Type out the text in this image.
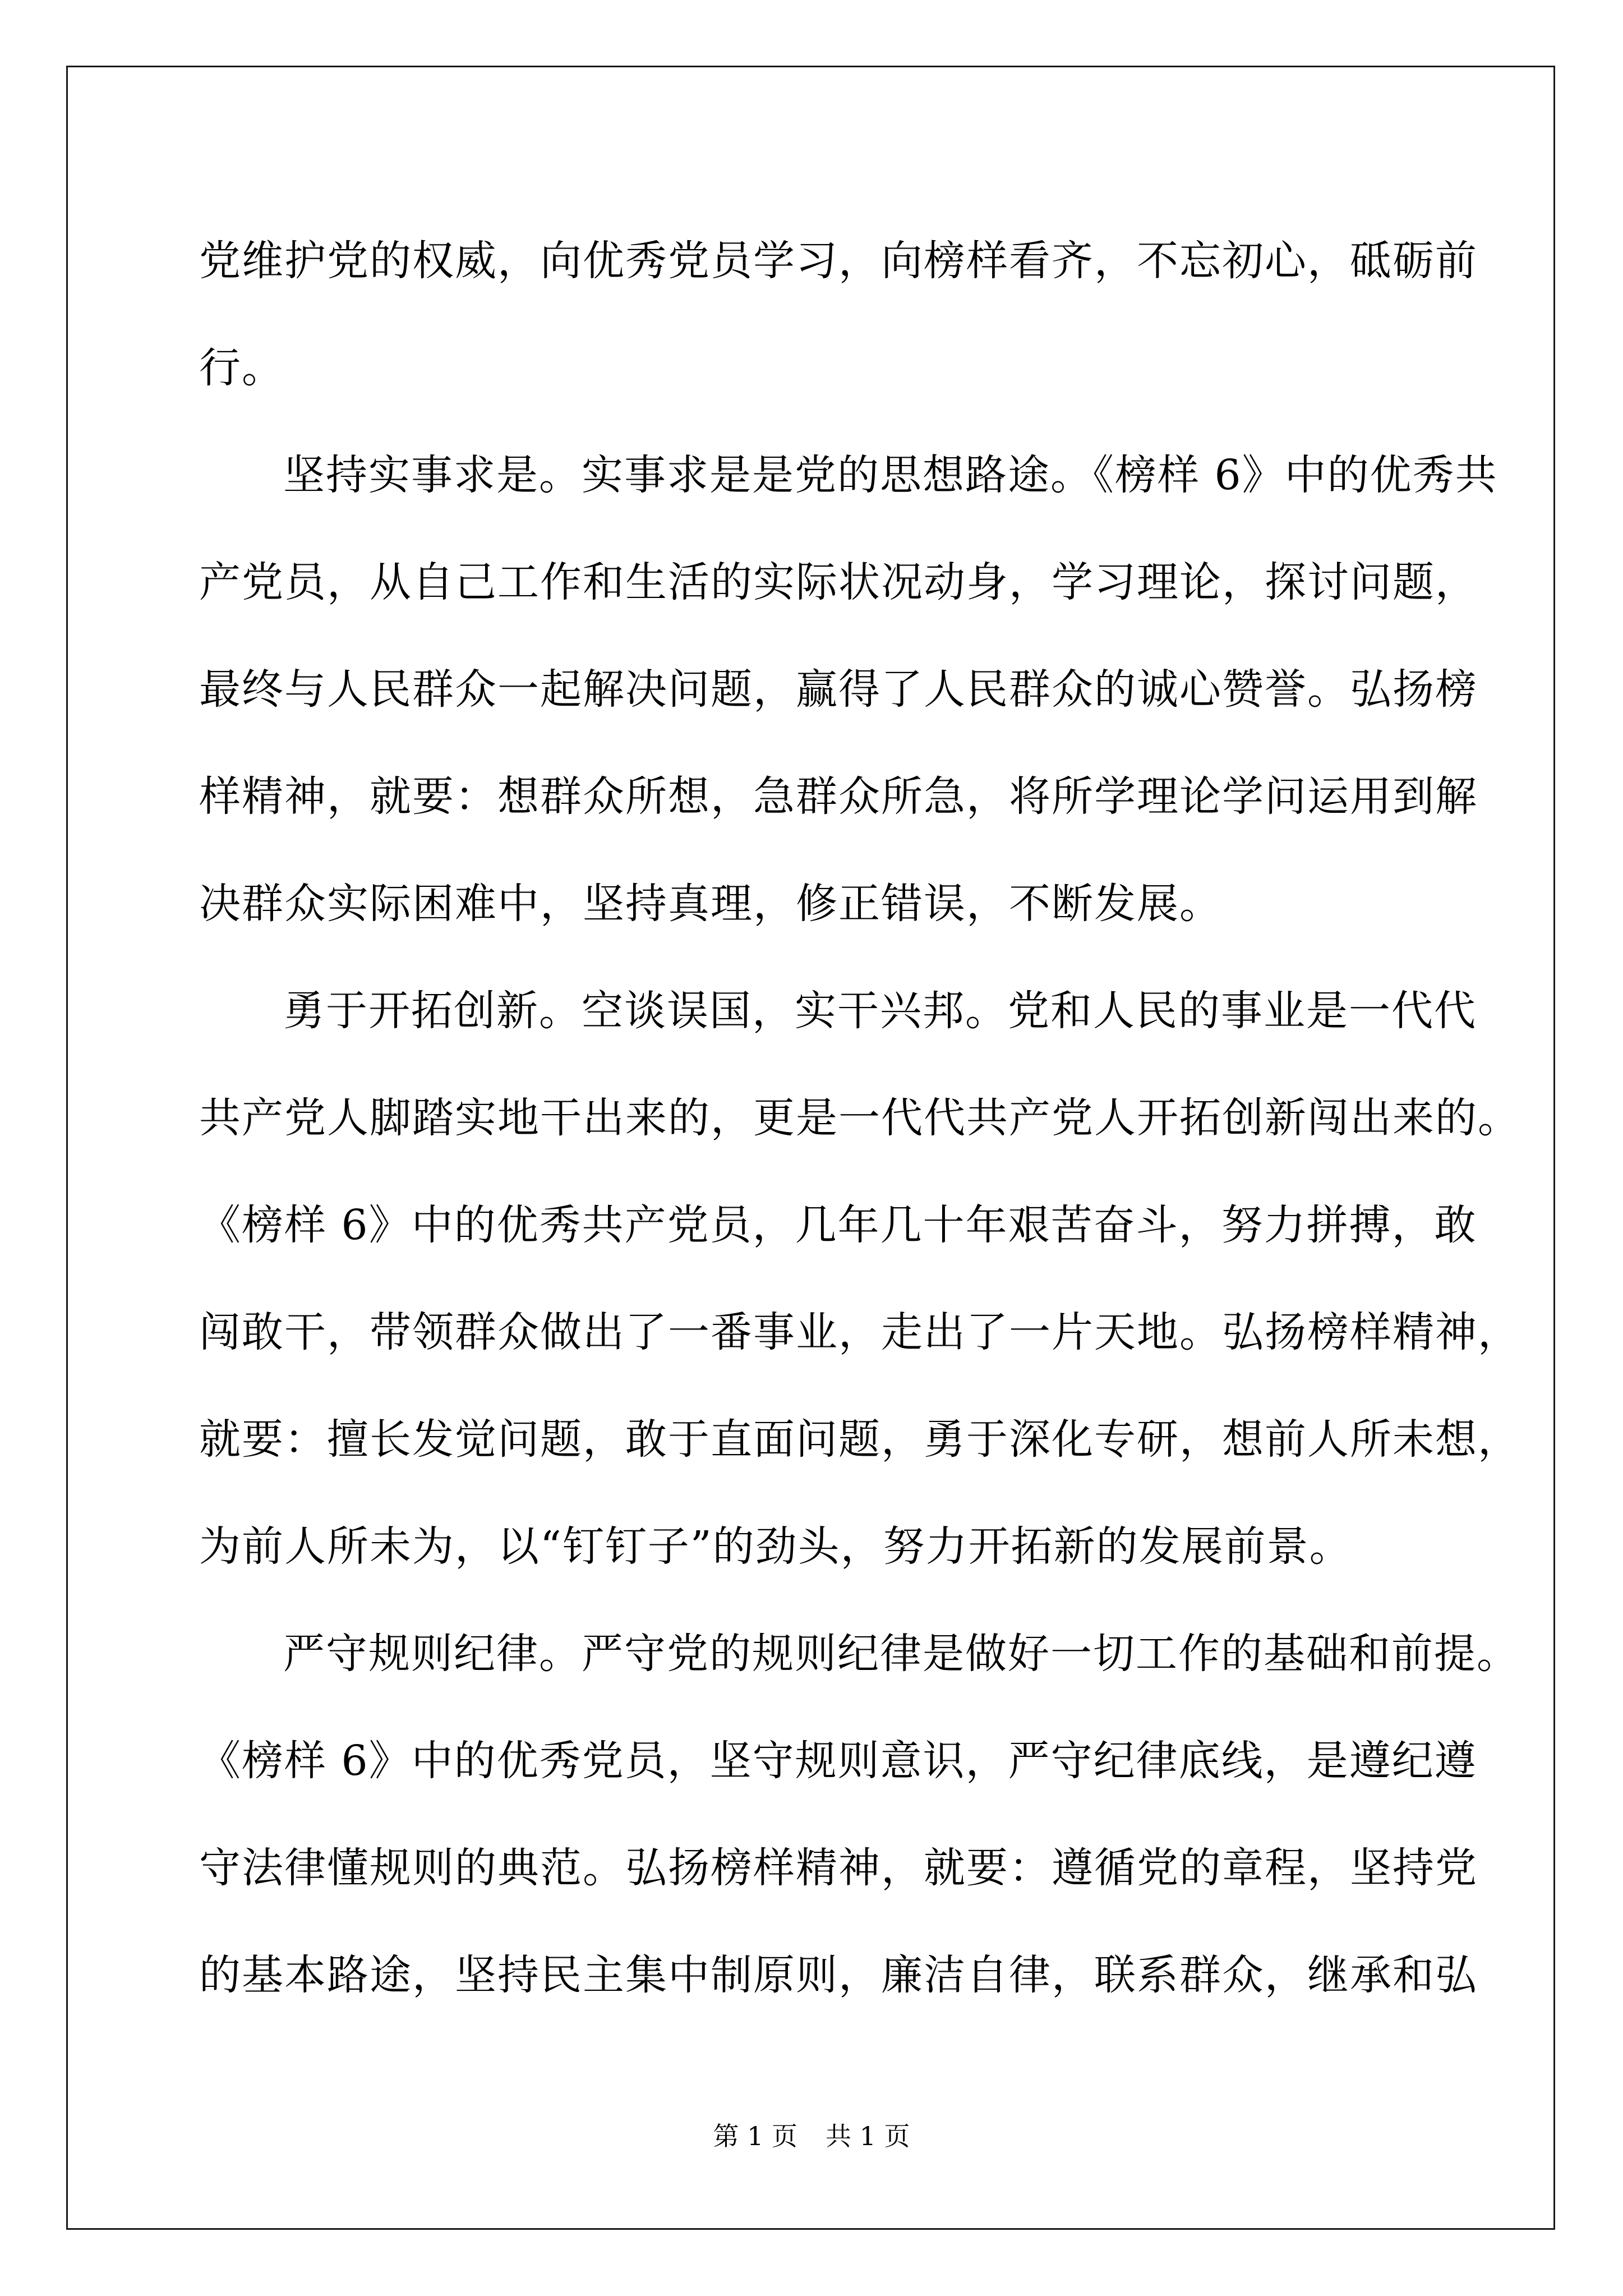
党维护党的权威，向优秀党员学习，向榜样看齐，不忘初心，砥砺前
行。
坚持实事求是。实事求是是党的思想路途。《榜样 6》中的优秀共
产党员，从自己工作和生活的实际状况动身，学习理论，探讨问题，
最终与人民群众一起解决问题，赢得了人民群众的诚心赞誉。弘扬榜
样精神，就要：想群众所想，急群众所急，将所学理论学问运用到解
决群众实际困难中，坚持真理，修正错误，不断发展。
勇于开拓创新。空谈误国，实干兴邦。党和人民的事业是一代代
共产党人脚踏实地干出来的，更是一代代共产党人开拓创新闯出来的。
《榜样 6》中的优秀共产党员，几年几十年艰苦奋斗，努力拼搏，敢
闯敢干，带领群众做出了一番事业，走出了一片天地。弘扬榜样精神，
就要：擅长发觉问题，敢于直面问题，勇于深化专研，想前人所未想，
为前人所未为，以“钉钉子”的劲头，努力开拓新的发展前景。
严守规则纪律。严守党的规则纪律是做好一切工作的基础和前提。
《榜样 6》中的优秀党员，坚守规则意识，严守纪律底线，是遵纪遵
守法律懂规则的典范。弘扬榜样精神，就要：遵循党的章程，坚持党
的基本路途，坚持民主集中制原则，廉洁自律，联系群众，继承和弘
第 1 页 共 1 页
